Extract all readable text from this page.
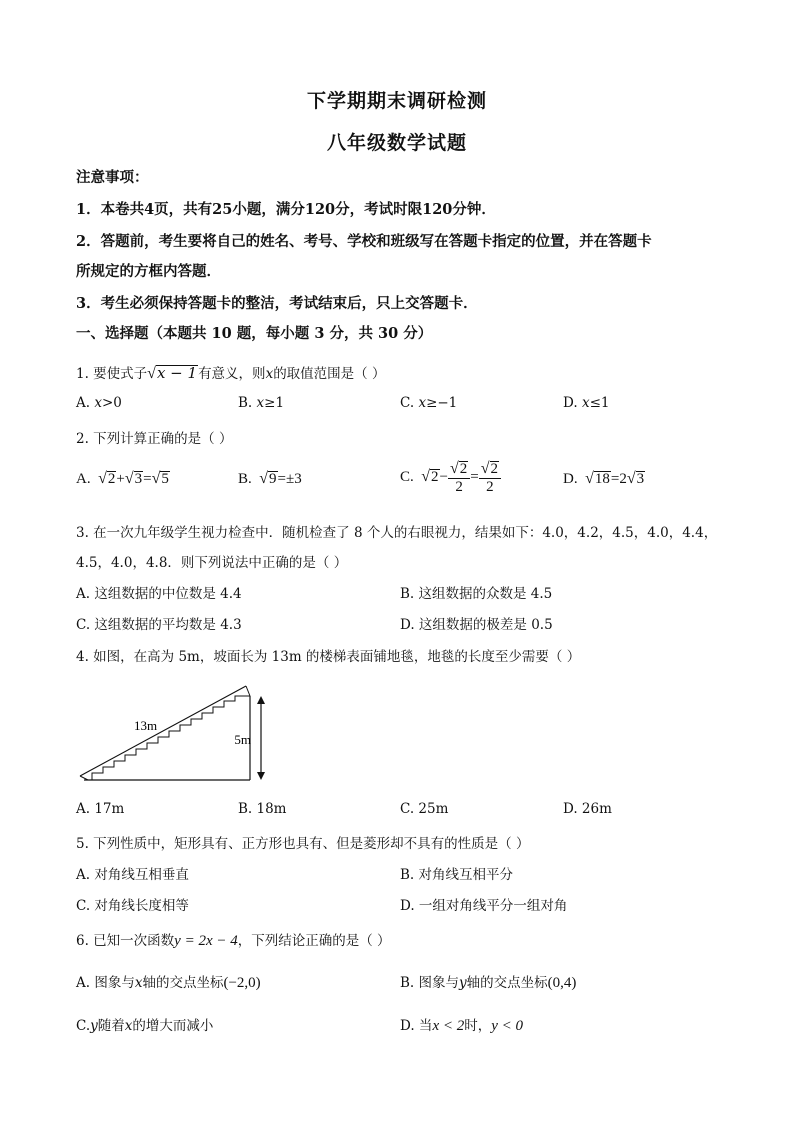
下学期期末调研检测
八年级数学试题
注意事项：
1．本卷共4页，共有25小题，满分120分，考试时限120分钟．
2．答题前，考生要将自己的姓名、考号、学校和班级写在答题卡指定的位置，并在答题卡
所规定的方框内答题．
3．考生必须保持答题卡的整洁，考试结束后，只上交答题卡．
一、选择题（本题共 10 题，每小题 3 分，共 30 分）
1. 要使式子√x − 1有意义，则x的取值范围是（ ）
A. x>0	B. x≥1	C. x≥−1	D. x≤1
2. 下列计算正确的是（ ）
A. √2+√3=√5	B. √9=±3	C. $√2- \frac{√2}{2} = \frac{√2}{2}$	D. √18=2√3
3. 在一次九年级学生视力检查中．随机检查了 8 个人的右眼视力，结果如下：4.0，4.2，4.5，4.0，4.4，
4.5，4.0，4.8．则下列说法中正确的是（ ）
A. 这组数据的中位数是 4.4	B. 这组数据的众数是 4.5
C. 这组数据的平均数是 4.3	D. 这组数据的极差是 0.5
4. 如图，在高为 5m，坡面长为 13m 的楼梯表面铺地毯，地毯的长度至少需要（ ）
13m
5m
A. 17m	B. 18m	C. 25m	D. 26m
5. 下列性质中，矩形具有、正方形也具有、但是菱形却不具有的性质是（ ）
A. 对角线互相垂直	B. 对角线互相平分
C. 对角线长度相等	D. 一组对角线平分一组对角
6. 已知一次函数y = 2x − 4，下列结论正确的是（ ）
A. 图象与x轴的交点坐标(−2,0)	B. 图象与y轴的交点坐标(0,4)
C.y随着x的增大而减小	D. 当x < 2时，y < 0
